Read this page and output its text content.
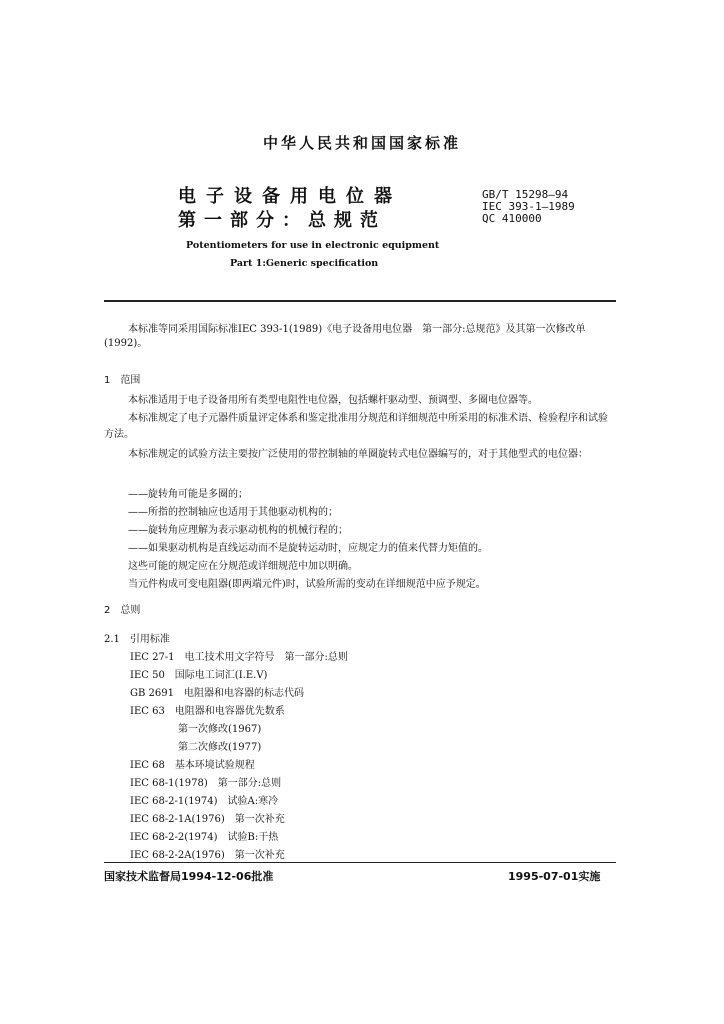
中华人民共和国国家标准
电子设备用电位器
第一部分：总规范
GB/T 15298—94
IEC 393-1—1989
QC 410000
Potentiometers for use in electronic equipment
Part 1:Generic specification
本标准等同采用国际标准IEC 393-1(1989)《电子设备用电位器　第一部分:总规范》及其第一次修改单(1992)。
1　范围
本标准适用于电子设备用所有类型电阻性电位器，包括螺杆驱动型、预调型、多圈电位器等。
本标准规定了电子元器件质量评定体系和鉴定批准用分规范和详细规范中所采用的标准术语、检验程序和试验方法。
本标准规定的试验方法主要按广泛使用的带控制轴的单圈旋转式电位器编写的，对于其他型式的电位器：
——旋转角可能是多圈的；
——所指的控制轴应也适用于其他驱动机构的；
——旋转角应理解为表示驱动机构的机械行程的；
——如果驱动机构是直线运动而不是旋转运动时，应规定力的值来代替力矩值的。
这些可能的规定应在分规范或详细规范中加以明确。
当元件构成可变电阻器(即两端元件)时，试验所需的变动在详细规范中应予规定。
2　总则
2.1　引用标准
IEC 27-1　电工技术用文字符号　第一部分:总则
IEC 50　国际电工词汇(I.E.V)
GB 2691　电阻器和电容器的标志代码
IEC 63　电阻器和电容器优先数系
第一次修改(1967)
第二次修改(1977)
IEC 68　基本环境试验规程
IEC 68-1(1978)　第一部分:总则
IEC 68-2-1(1974)　试验A:寒冷
IEC 68-2-1A(1976)　第一次补充
IEC 68-2-2(1974)　试验B:干热
IEC 68-2-2A(1976)　第一次补充
国家技术监督局1994-12-06批准	1995-07-01实施
